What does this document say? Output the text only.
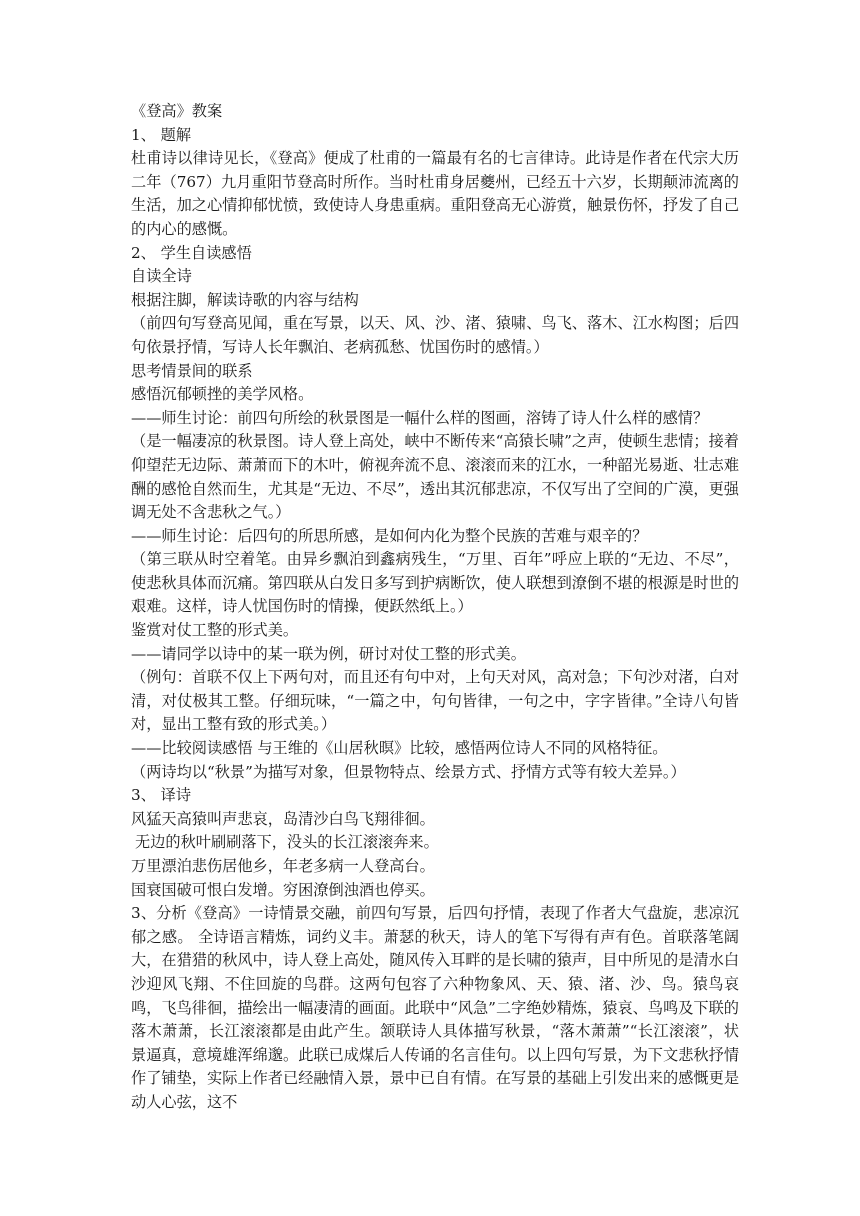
《登高》教案

1、 题解

杜甫诗以律诗见长，《登高》便成了杜甫的一篇最有名的七言律诗。此诗是作者在代宗大历二年（767）九月重阳节登高时所作。当时杜甫身居夔州，已经五十六岁，长期颠沛流离的生活，加之心情抑郁忧愤，致使诗人身患重病。重阳登高无心游赏，触景伤怀，抒发了自己的内心的感慨。

2、 学生自读感悟

自读全诗

根据注脚，解读诗歌的内容与结构

（前四句写登高见闻，重在写景，以天、风、沙、渚、猿啸、鸟飞、落木、江水构图；后四句依景抒情，写诗人长年飘泊、老病孤愁、忧国伤时的感情。）

思考情景间的联系

感悟沉郁顿挫的美学风格。

——师生讨论：前四句所绘的秋景图是一幅什么样的图画，溶铸了诗人什么样的感情？

（是一幅凄凉的秋景图。诗人登上高处，峡中不断传来“高猿长啸”之声，使顿生悲情；接着仰望茫无边际、萧萧而下的木叶，俯视奔流不息、滚滚而来的江水，一种韶光易逝、壮志难酬的感怆自然而生，尤其是“无边、不尽”，透出其沉郁悲凉，不仅写出了空间的广漠，更强调无处不含悲秋之气。）

——师生讨论：后四句的所思所感，是如何内化为整个民族的苦难与艰辛的？

（第三联从时空着笔。由异乡飘泊到鑫病残生，“万里、百年”呼应上联的“无边、不尽”，使悲秋具体而沉痛。第四联从白发日多写到护病断饮，使人联想到潦倒不堪的根源是时世的艰难。这样，诗人忧国伤时的情操，便跃然纸上。）

鉴赏对仗工整的形式美。

——请同学以诗中的某一联为例，研讨对仗工整的形式美。

（例句：首联不仅上下两句对，而且还有句中对，上句天对风，高对急；下句沙对渚，白对清，对仗极其工整。仔细玩味，“一篇之中，句句皆律，一句之中，字字皆律。”全诗八句皆对，显出工整有致的形式美。）

——比较阅读感悟 与王维的《山居秋暝》比较，感悟两位诗人不同的风格特征。

（两诗均以“秋景”为描写对象，但景物特点、绘景方式、抒情方式等有较大差异。）

3、 译诗

风猛天高猿叫声悲哀，岛清沙白鸟飞翔徘徊。

无边的秋叶刷刷落下，没头的长江滚滚奔来。

万里漂泊悲伤居他乡，年老多病一人登高台。

国衰国破可恨白发增。穷困潦倒浊酒也停买。

3、分析《登高》一诗情景交融，前四句写景，后四句抒情，表现了作者大气盘旋，悲凉沉郁之感。 全诗语言精炼，词约义丰。萧瑟的秋天，诗人的笔下写得有声有色。首联落笔阔大，在猎猎的秋风中，诗人登上高处，随风传入耳畔的是长啸的猿声，目中所见的是清水白沙迎风飞翔、不住回旋的鸟群。这两句包容了六种物象风、天、猿、渚、沙、鸟。猿鸟哀鸣，飞鸟徘徊，描绘出一幅凄清的画面。此联中“风急”二字绝妙精炼，猿哀、鸟鸣及下联的落木萧萧，长江滚滚都是由此产生。颔联诗人具体描写秋景，“落木萧萧”“长江滚滚”，状景逼真，意境雄浑绵邈。此联已成煤后人传诵的名言佳句。以上四句写景，为下文悲秋抒情作了铺垫，实际上作者已经融情入景，景中已自有情。在写景的基础上引发出来的感慨更是动人心弦，这不
